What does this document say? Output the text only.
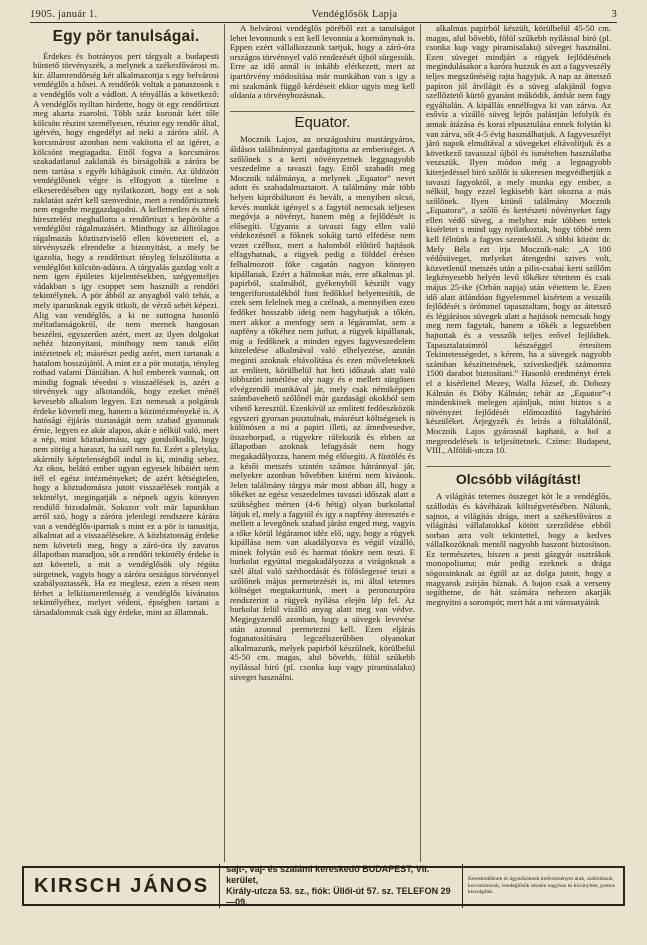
1905. január 1.	Vendéglősök Lapja	3
Egy pör tanulságai.

Érdekes és botrányos pert tárgyalt a budapesti büntető törvényszék, a melynek a székesfővárosi m. kir. államrendőrség két alkalmazottja s egy belvárosi vendéglős a hősei. A rendőrök voltak a panaszosok s a vendéglős volt a vádlott. A tényállás a következő: A vendéglős nyiltan hirdette, hogy öt egy rendőrtiszt meg akarta zsarolni. Több száz koronát kért tőle kölcsön részint személyesen, részint egy rendőr által, igérvén, hogy engedélyt ad neki a záróra alól. A korcsmárost azonban nem vakította el az igéret, a kölcsönt megtagadta. Ettől fogva a korcsmáros szakadatlanul zaklatták és birságolták a záróra be nem tartása s egyéb kihágások cimén. Az üldözött vendéglősnek végre is elfogyott a türelme s elkeseredésében ugy nyilatkozott, hogy ezt a sok zaklatást azért kell szenvednie, mert a rendőrtisztnek nem engedte meggazdagodni. A kellemetlen és sértő hiresztelést meghallotta a rendőrtiszt s bepörölte a vendéglőst rágalmazásért. Minthogy az állitólagos rágalmazás köztisztviselő ellen követtetett el, a törvényszék elrendelte a bizonyitást, a mely be igazolta, hogy a rendőrtiszt tényleg felszólította a vendéglőst kölcsön-adásra. A tárgyalás gazdag volt a nem igen épületes kijelentésekben, szégyenteljes vádakban s igy csoppet sem használt a rendőri tekintélynek. A pör ábból az anyagból való tehát, a mely iparunknak egyik titkolt, de vérző sebét képezi. Alig van vendéglős, a ki ne suttogna hasonló méltatlanságokról, de nem mernek hangosan beszélni, egyszerűen azért, mert az ilyen dolgokat nehéz bizonyitani, minthogy nem tanuk előtt intéztetnek el; másrészt pedig azért, mert tartanak a hatalom bosszújától. A mint ez a pör mutatja, tényleg rothad valami Dániában. A hol emberek vannak, ott mindig fognak tévedni s visszaélések is, azért a törvények ugy alkotandók, hogy ezeket ménél kevesebb alkalom legyen. Ezt nemesak a polgárok érdeke követeli meg, hanem a közintézményeké is. A hatósági éjjárás tisztaságát nem szabad gyanunak érnie, legyen ez akár alapos, akár e nélkül való, mert a nép, mint köztudomásu, ugy gondolkodik, hogy nem zörög a haraszt, ha szél nem fu. Ezért a pletyka, akármily képtelenségből indul is ki, mindig sebez. Az okos, belátó ember ugyan egyesek hibáiért nem ítél el egész intézményeket; de azért kétségtelen, hogy a köztudomásra jutott visszaélések rontják a tekintélyt, megingatják a népnek ugyis könnyen rendülő bizodalmát. Sokszor volt már lapunkban arról szó, hogy a záróra jelenlegi rendszere kárára van a vendéglős-iparnak s mint ez a pör is tanusitja, alkalmat ad a visszaélésekre. A közbiztonság érdeke nem követeli meg, hogy a záró-óra ily zavaros állapotban maradjon, sőt a rendőri tekintély érdeke is azt követeli, a mit a vendéglősök oly régóta sürgetnek, vagyis hogy a záróra országos törvénnyel szabályoztassék. Ha ez meglesz, ezen a résen nem férhet a lelkiismeretlenség a vendéglős kívánatos tekintélyéhez, melyet védeni, épségben tartani a társadalomnak csak úgy érdeke, mint az államnak.

A belvárosi vendéglős pöréből ezt a tanulságot lehet levonnunk s ezt kell levonnia a kormánynak is. Eppen ezért vállalkozzunk tartjuk, hogy a záró-óra országos törvénnyel való rendezését újból sürgessük. Erre az idő annál is inkább elérkezett, mert az ipartörvény módosítása már munkában van s igy a mi szakmánk függő kérdéseit ekkor ugyis meg kell oldania a törvényhozásnak.

Equator.

Mocznik Lajos, az országoshiru mustárgyáros, áldásos találmánnyal gazdagította az emberiséget. A szőlőnek s a kerti növényzetnek leggnagyobb veszedelme a tavaszi fagy. Ettől szabadít meg Mocznik találmánya, a melynek „Equator” nevet adott és szabadalmaztatott. A találmány már több helyen kipróbáltatott és bevált, a menyiben olcsó, kevés munkát igényel s a fagytól nemcsak teljesen megóvja a növényt, hanem még a fejlődését is elősegíti. Ugyanis a tavaszi fagy ellen való védekezésnél a föknek sokáig tartó elfedése nem vezet czélhoz, mert a halomból előtörő hajtások elfagyhatnak, a rügyek pedig a földdel érésen felhalmozott föke cagatán nagyon könnyen kipállanak. Ezért a hálmokat más, erre alkalmas pl. papirból, szalmából, gyékenyből készült vagy tengeriforostalékból font fedőkkel helyettesítik, de ezek sem felelnek meg a czélnak, a mennyiben ezen fedőket hosszabb ideig nem hagyhatjuk a tőkén, mert akkor a menfogy sem a légáramlat, sem a napfény a tőkéhez nem juthat, a rügyek kipállanak, míg a fedőknek a minden egyes fagyveszedelem közeledése alkalmával való elhelyezése, azután meginti azoknak eltávolítása és ezen műveleteknek az emlitett, körülbelül hat heti időszak alatt való többszöri ismétlése oly nagy és e mellett sürgősen elvégzendő munkával jár, mely csak némiképpen számbavehető szőlőnél már gazdasági okokból sem vihető keresztül. Ezenkívül az emlitett fedőeszközök egyszeri gyorsan pusztulnak, másrészt költségesek is különösen a mi a papiri illeti, az átnedvesedve, összehorpad, a rügyekre ráfekszik és ebben az állapotban azoknak lefagyását nem hogy megakadályozza, hanem még elősegíti. A füstölés és a késői metszés szintén számos hátránnyal jár, melyekre azonban bővebben kitérni nem kivánok. Jelen találmány tárgya már most abban áll, hogy a tőkéket az egész veszedelmes tavaszi időszak alatt a szükséghez mérten (4-6 hétig) olyan burkolattal látjuk el, mely a fagytól és igy a napfény áteresztés e mellett a levegőnek szabad járást enged meg, vagyis a tőke körül légáramot idéz elő, ugy, hogy a rügyek kipállása nem van akadályozva és végül vízálló, minek folytán eső és harmat tönkre nem teszi. E burkolat egyúttal megakadályozza a virágoknak a szél által való széthordását és fölöslegessé teszi a szőlőnek május permetezését is, mi által tetemes költséget megtakaritunk, mert a peronoszpóra rendszerint a rügyek nyílása elején lép fel. Az burkolat felül vízálló anyag alatt meg van védve. Megjegyzendő azonban, hogy a süvegek levevése után azonnal permetezni kell. Ezen eljárás foganatosítására legczélszerűbben olyanokat alkalmazunk, melyek papirból készülnek, körülbelül 45-50 cm. magas, alul bővebb, fölül szűkebb nyílással biró (pl. csonka kup vagy piramisalaku) süveget használni.

alkalmas papirból készült, körülbelül 45-50 cm. magas, alul bővebb, fölül szűkebb nyílással biró (pl. csonka kup vagy piramisalaku) süveget használni. Ezen süveget mindjárt a rügyek fejlődésének megindulásakor a karóra huzzuk és azt a fagyveszély teljes megszűnéséig rajta hagyjuk. A nap az áttetsző papiron jól átvilágít és a süveg alakjánál fogva szellőztető kürtő gyanánt működik, ámbár nem fagy egyáltalán. A kipállás ennélfogva ki van zárva. Az esővíz a vízálló süveg lejtős palástján lefolyik és annak átázása és korai elpusztulása ennek folytán ki van zárva, sőt 4-5 évig használhatjuk. A fagyveszélyt járó napok elmultával a süvegeket eltávolítjuk és a következő tavasszal újból és ismételten használatba veszszük. Ilyen módon még a legnagyobb kiterjedéssel biró szőlőt is sikeresen megvédhetjük a tavaszi fagyoktól, a mely munka egy ember, a nélkül, hogy ezzel legkisebb kárt okozna a más szőlőnek. Ilyen kitünő találmány Mocznik „Equatora”, a szőlő és kertészeti növényeket fagy ellen védő süveg, a melyhez már többen tettek kisérletet s mind ugy nyilatkoztak, hogy többé nem kell félnünk a fagyos szentektől. A többi között dr. Mely Béla ezt irja Mocznik-nak: „A 100 védősüveget, melyeket átengedni szives volt, közvetlenül metszés után a pilis-csabai kerti szőlőm legkényesebb helyén levő tőkékre tétettem és csak május 25-ike (Orbán napja) után vétettem le. Ezen idő alatt átlándóan figyelemmel kisértem a vesszők fejlődését s örömmel tapasztaltam, hogy az áttetsző és légjárásos süvegek alatt a hajtások nemcsak hogy meg nem fagytak, hanem a tőkék a legszebben hajtottak és a vesszők teljes erővel fejlődtek. Tapasztalataimról készséggel értesítem Tekintetességedet, s kérem, ha a süvegek nagyobb számban készíttetnének, szíveskedjék számomra 1500 darabot biztosítani.” Hasonló eredményt értek el a kisérlettel Mezey, Walla József, dr. Dobozy Kálmán és Dóby Kálmán; tehát az „Equator”-t mindenkinek melegen ajánljuk, mint biztos s a növényzet fejlődését előmozdító fagyhárító készüléket. Árjegyzék és leírás a föltalálónál, Mocznik Lajos gyárosnál kapható, a hol a megrendelések is teljesíttetnek. Czíme: Budapest, VIII., Alföldi-utcza 10.

Olcsóbb világítást!

A világítás tetemes összeget köt le a vendéglős, szállodás és kávéházak költségvetésében. Nálunk, sajnos, a világítás drága, mert a székesfőváros a világítási vállalatokkal kötött szerződése ebből sorban arra volt tekintettel, hogy a kedves vállalkozóknak mentől nagyobb haszont biztosítson. Ez természetes, hiszen a pesti gázgyár osztrákok monopoliuma; már pedig ezeknek a drága sógorainknak az égtől az az dolga jutott, hogy a magyarok zsírján híznak. A bajon csak a verseny segíthetne, de hát számára nehezen akarják megnyitni a sorompót; mert hát a mi városatyáink

KIRSCH JÁNOS
sajt-, vaj- és szalámi kereskedő BUDAPEST, VII. kerület,
Király-utcza 53. sz., fiók: Üllői-út 57. sz. TELEFON 29—09.
Kereskedőknek és ügynököknek kedvezményes árak, szállodások, korcsmárosok, vendéglősök részére nagyban és kicsinyben, pontos kiszolgálás.
